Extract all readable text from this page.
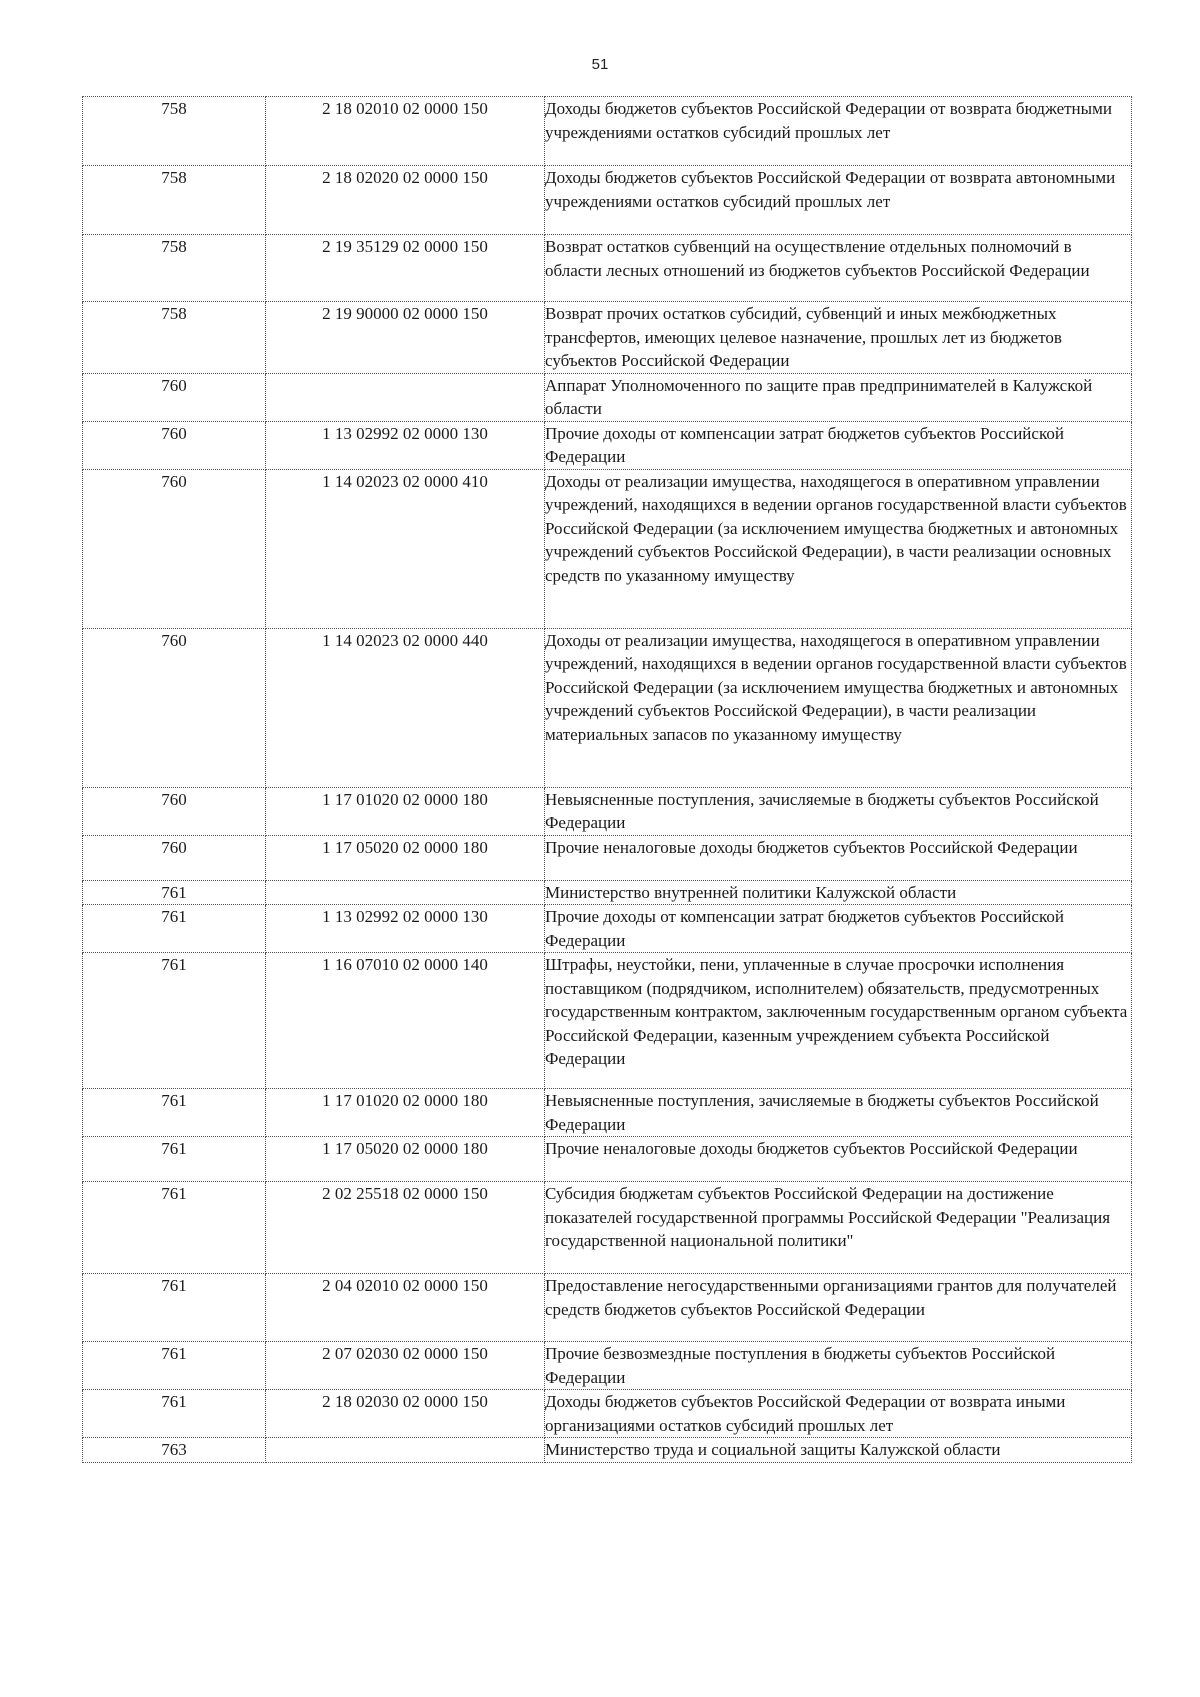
51
758	2 18 02010 02 0000 150	Доходы бюджетов субъектов Российской Федерации от возврата бюджетными учреждениями остатков субсидий прошлых лет
758	2 18 02020 02 0000 150	Доходы бюджетов субъектов Российской Федерации от возврата автономными учреждениями остатков субсидий прошлых лет
758	2 19 35129 02 0000 150	Возврат остатков субвенций на осуществление отдельных полномочий в области лесных отношений из бюджетов субъектов Российской Федерации
758	2 19 90000 02 0000 150	Возврат прочих остатков субсидий, субвенций и иных межбюджетных трансфертов, имеющих целевое назначение, прошлых лет из бюджетов субъектов Российской Федерации
760		Аппарат Уполномоченного по защите прав предпринимателей в Калужской области
760	1 13 02992 02 0000 130	Прочие доходы от компенсации затрат бюджетов субъектов Российской Федерации
760	1 14 02023 02 0000 410	Доходы от реализации имущества, находящегося в оперативном управлении учреждений, находящихся в ведении органов государственной власти субъектов Российской Федерации (за исключением имущества бюджетных и автономных учреждений субъектов Российской Федерации), в части реализации основных средств по указанному имуществу
760	1 14 02023 02 0000 440	Доходы от реализации имущества, находящегося в оперативном управлении учреждений, находящихся в ведении органов государственной власти субъектов Российской Федерации (за исключением имущества бюджетных и автономных учреждений субъектов Российской Федерации), в части реализации материальных запасов по указанному имуществу
760	1 17 01020 02 0000 180	Невыясненные поступления, зачисляемые в бюджеты субъектов Российской Федерации
760	1 17 05020 02 0000 180	Прочие неналоговые доходы бюджетов субъектов Российской Федерации
761		Министерство внутренней политики Калужской области
761	1 13 02992 02 0000 130	Прочие доходы от компенсации затрат бюджетов субъектов Российской Федерации
761	1 16 07010 02 0000 140	Штрафы, неустойки, пени, уплаченные в случае просрочки исполнения поставщиком (подрядчиком, исполнителем) обязательств, предусмотренных государственным контрактом, заключенным государственным органом субъекта Российской Федерации, казенным учреждением субъекта Российской Федерации
761	1 17 01020 02 0000 180	Невыясненные поступления, зачисляемые в бюджеты субъектов Российской Федерации
761	1 17 05020 02 0000 180	Прочие неналоговые доходы бюджетов субъектов Российской Федерации
761	2 02 25518 02 0000 150	Субсидия бюджетам субъектов Российской Федерации на достижение показателей государственной программы Российской Федерации "Реализация государственной национальной политики"
761	2 04 02010 02 0000 150	Предоставление негосударственными организациями грантов для получателей средств бюджетов субъектов Российской Федерации
761	2 07 02030 02 0000 150	Прочие безвозмездные поступления в бюджеты субъектов Российской Федерации
761	2 18 02030 02 0000 150	Доходы бюджетов субъектов Российской Федерации от возврата иными организациями остатков субсидий прошлых лет
763		Министерство труда и социальной защиты Калужской области
